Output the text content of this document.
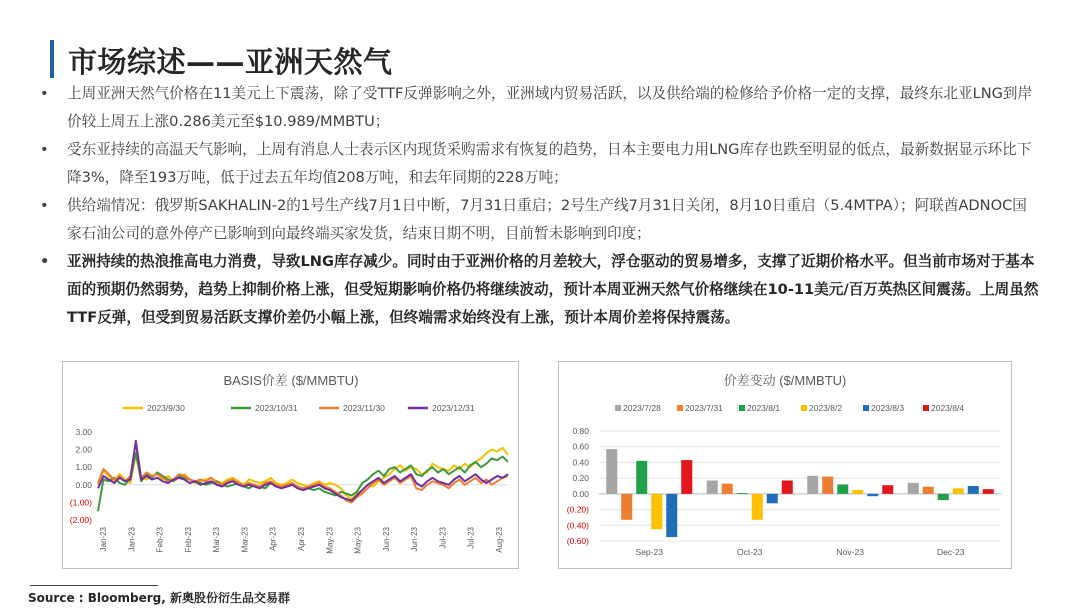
市场综述——亚洲天然气
• 上周亚洲天然气价格在11美元上下震荡，除了受TTF反弹影响之外，亚洲域内贸易活跃，以及供给端的检修给予价格一定的支撑，最终东北亚LNG到岸价较上周五上涨0.286美元至$10.989/MMBTU；
• 受东亚持续的高温天气影响，上周有消息人士表示区内现货采购需求有恢复的趋势，日本主要电力用LNG库存也跌至明显的低点，最新数据显示环比下降3%，降至193万吨，低于过去五年均值208万吨，和去年同期的228万吨；
• 供给端情况：俄罗斯SAKHALIN-2的1号生产线7月1日中断，7月31日重启；2号生产线7月31日关闭，8月10日重启（5.4MTPA）；阿联酋ADNOC国家石油公司的意外停产已影响到向最终端买家发货，结束日期不明，目前暂未影响到印度；
• 亚洲持续的热浪推高电力消费，导致LNG库存减少。同时由于亚洲价格的月差较大，浮仓驱动的贸易增多，支撑了近期价格水平。但当前市场对于基本面的预期仍然弱势，趋势上抑制价格上涨，但受短期影响价格仍将继续波动，预计本周亚洲天然气价格继续在10-11美元/百万英热区间震荡。上周虽然TTF反弹，但受到贸易活跃支撑价差仍小幅上涨，但终端需求始终没有上涨，预计本周价差将保持震荡。
BASIS价差 ($/MMBTU)
2023/9/30	2023/10/31	2023/11/30	2023/12/31
3.00
2.00
1.00
0.00
(1.00)
(2.00)
Jan-23 Jan-23 Feb-23 Feb-23 Mar-23 Mar-23 Apr-23 Apr-23 May-23 May-23 Jun-23 Jun-23 Jul-23 Jul-23 Aug-23
价差变动 ($/MMBTU)
2023/7/28	2023/7/31	2023/8/1	2023/8/2	2023/8/3	2023/8/4
0.80
0.60
0.40
0.20
0.00
(0.20)
(0.40)
(0.60)
Sep-23	Oct-23	Nov-23	Dec-23
Source : Bloomberg, 新奥股份衍生品交易群
